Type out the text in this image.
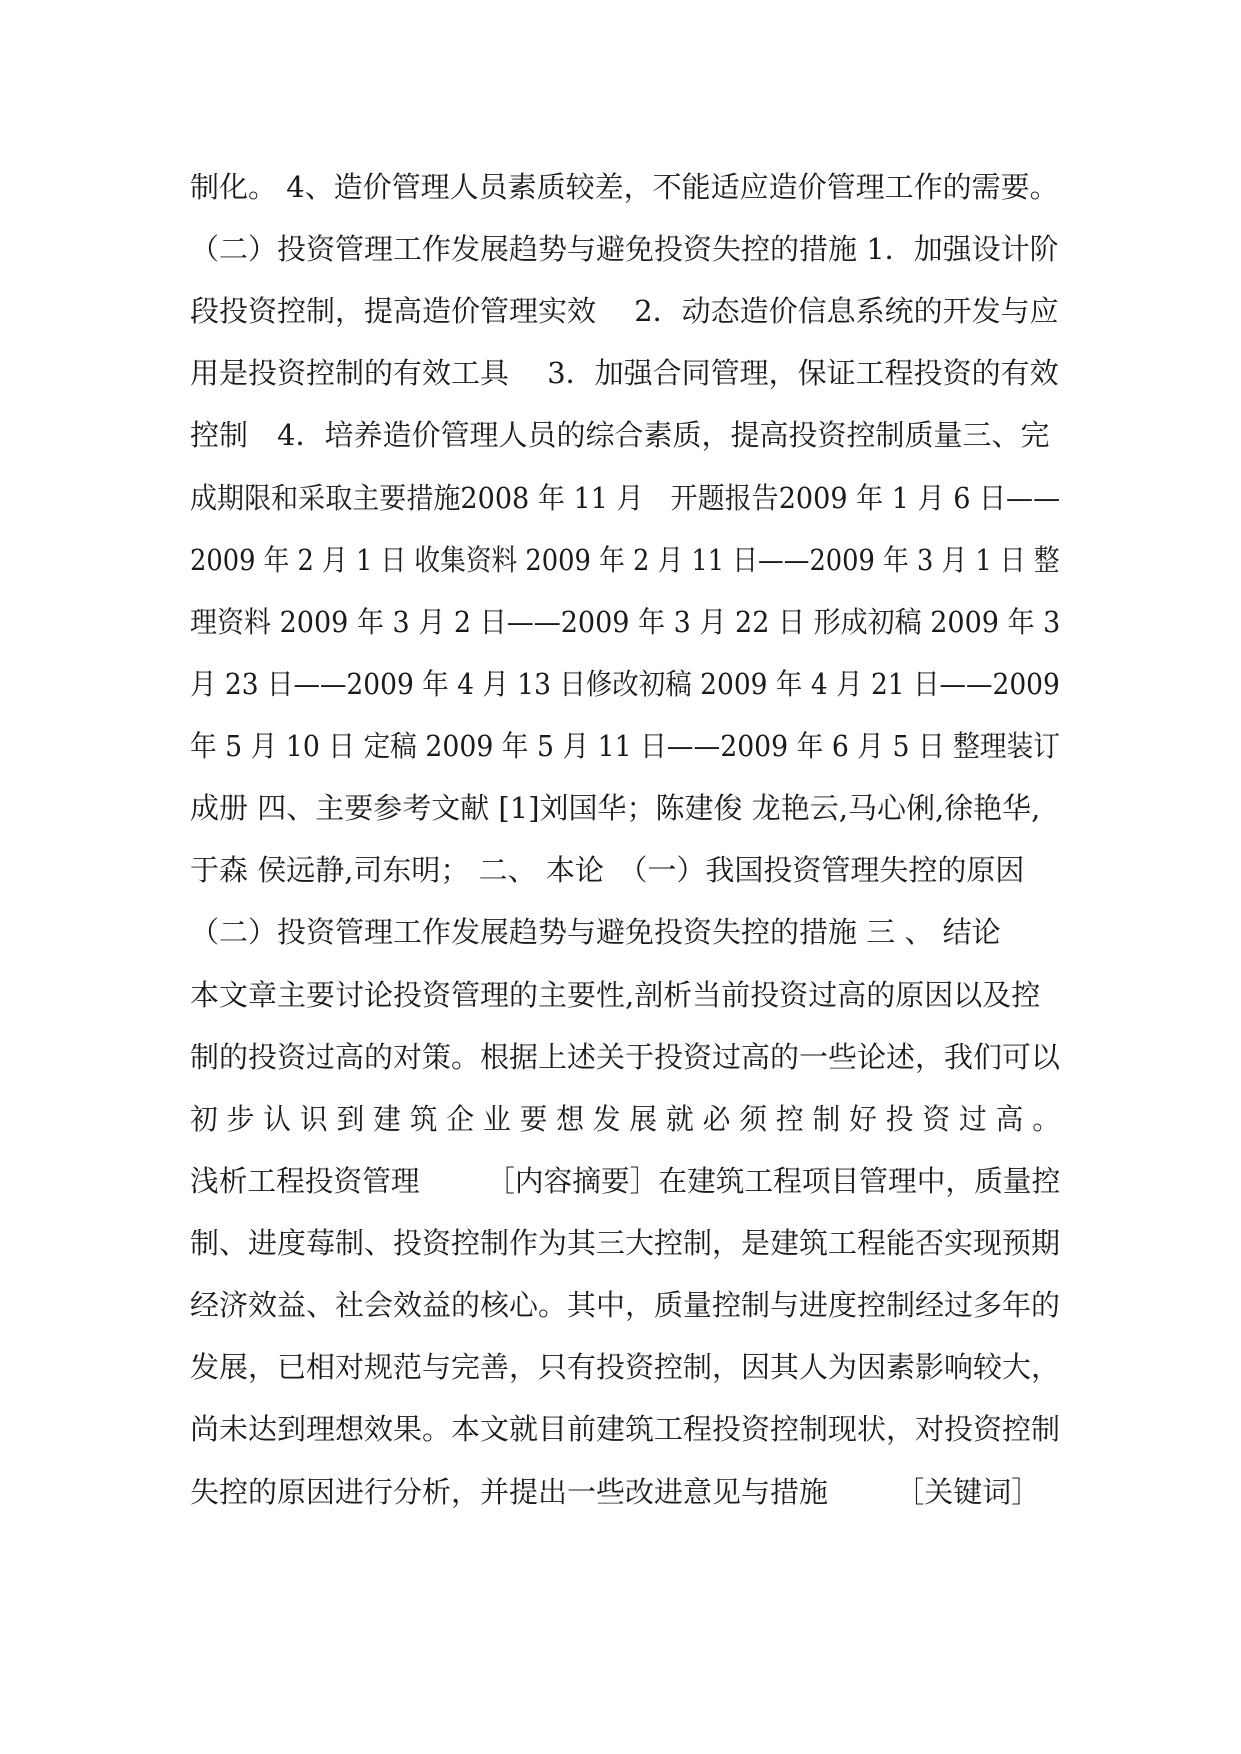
制化。 4、造价管理人员素质较差，不能适应造价管理工作的需要。
（二）投资管理工作发展趋势与避免投资失控的措施 1．加强设计阶
段投资控制，提高造价管理实效　 2．动态造价信息系统的开发与应
用是投资控制的有效工具　 3．加强合同管理，保证工程投资的有效
控制　4．培养造价管理人员的综合素质，提高投资控制质量三、完
成期限和采取主要措施2008 年 11 月　开题报告2009 年 1 月 6 日——
2009 年 2 月 1 日 收集资料 2009 年 2 月 11 日——2009 年 3 月 1 日 整
理资料 2009 年 3 月 2 日——2009 年 3 月 22 日 形成初稿 2009 年 3
月 23 日——2009 年 4 月 13 日修改初稿 2009 年 4 月 21 日——2009
年 5 月 10 日 定稿 2009 年 5 月 11 日——2009 年 6 月 5 日 整理装订
成册 四、主要参考文献 [1]刘国华；陈建俊 龙艳云,马心俐,徐艳华,
于森 侯远静,司东明； 二、 本论　（一）我国投资管理失控的原因
（二）投资管理工作发展趋势与避免投资失控的措施 三 、 结论
本文章主要讨论投资管理的主要性,剖析当前投资过高的原因以及控
制的投资过高的对策。根据上述关于投资过高的一些论述，我们可以
初 步 认 识 到 建 筑 企 业 要 想 发 展 就 必 须 控 制 好 投 资 过 高 。
浅析工程投资管理　　 ［内容摘要］在建筑工程项目管理中，质量控
制、进度莓制、投资控制作为其三大控制，是建筑工程能否实现预期
经济效益、社会效益的核心。其中，质量控制与进度控制经过多年的
发展，已相对规范与完善，只有投资控制，因其人为因素影响较大，
尚未达到理想效果。本文就目前建筑工程投资控制现状，对投资控制
失控的原因进行分析，并提出一些改进意见与措施　　 ［关键词］
